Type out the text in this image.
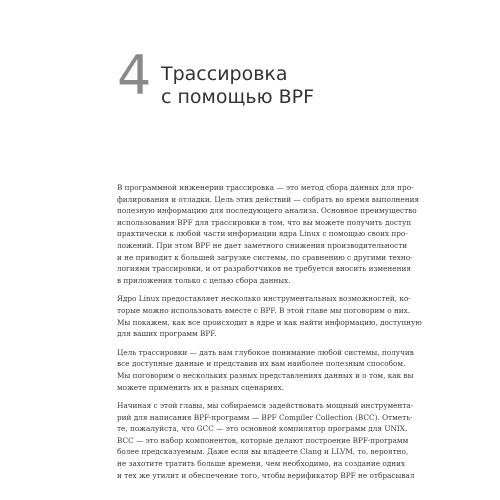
4 Трассировка
с помощью BPF
В программной инженерии трассировка — это метод сбора данных для про-
филирования и отладки. Цель этих действий — собрать во время выполнения
полезную информацию для последующего анализа. Основное преимущество
использования BPF для трассировки в том, что вы можете получить доступ
практически к любой части информации ядра Linux с помощью своих про-
ложений. При этом BPF не дает заметного снижения производительности
и не приводит к большей загрузке системы, по сравнению с другими техно-
логиями трассировки, и от разработчиков не требуется вносить изменения
в приложения только с целью сбора данных.
Ядро Linux предоставляет несколько инструментальных возможностей, ко-
торые можно использовать вместе с BPF. В этой главе мы поговорим о них.
Мы покажем, как все происходит в ядре и как найти информацию, доступную
для ваших программ BPF.
Цель трассировки — дать вам глубокое понимание любой системы, получив
все доступные данные и представив их вам наиболее полезным способом.
Мы поговорим о нескольких разных представлениях данных и о том, как вы
можете применить их в разных сценариях.
Начиная с этой главы, мы собираемся задействовать мощный инструмента-
рий для написания BPF-программ — BPF Compiler Collection (BCC). Отметь-
те, пожалуйста, что GCC — это основной компилятор программ для UNIX.
BCC — это набор компонентов, которые делают построение BPF-программ
более предсказуемым. Даже если вы владеете Clang и LLVM, то, вероятно,
не захотите тратить больше времени, чем необходимо, на создание одних
и тех же утилит и обеспечение того, чтобы верификатор BPF не отбрасывал
